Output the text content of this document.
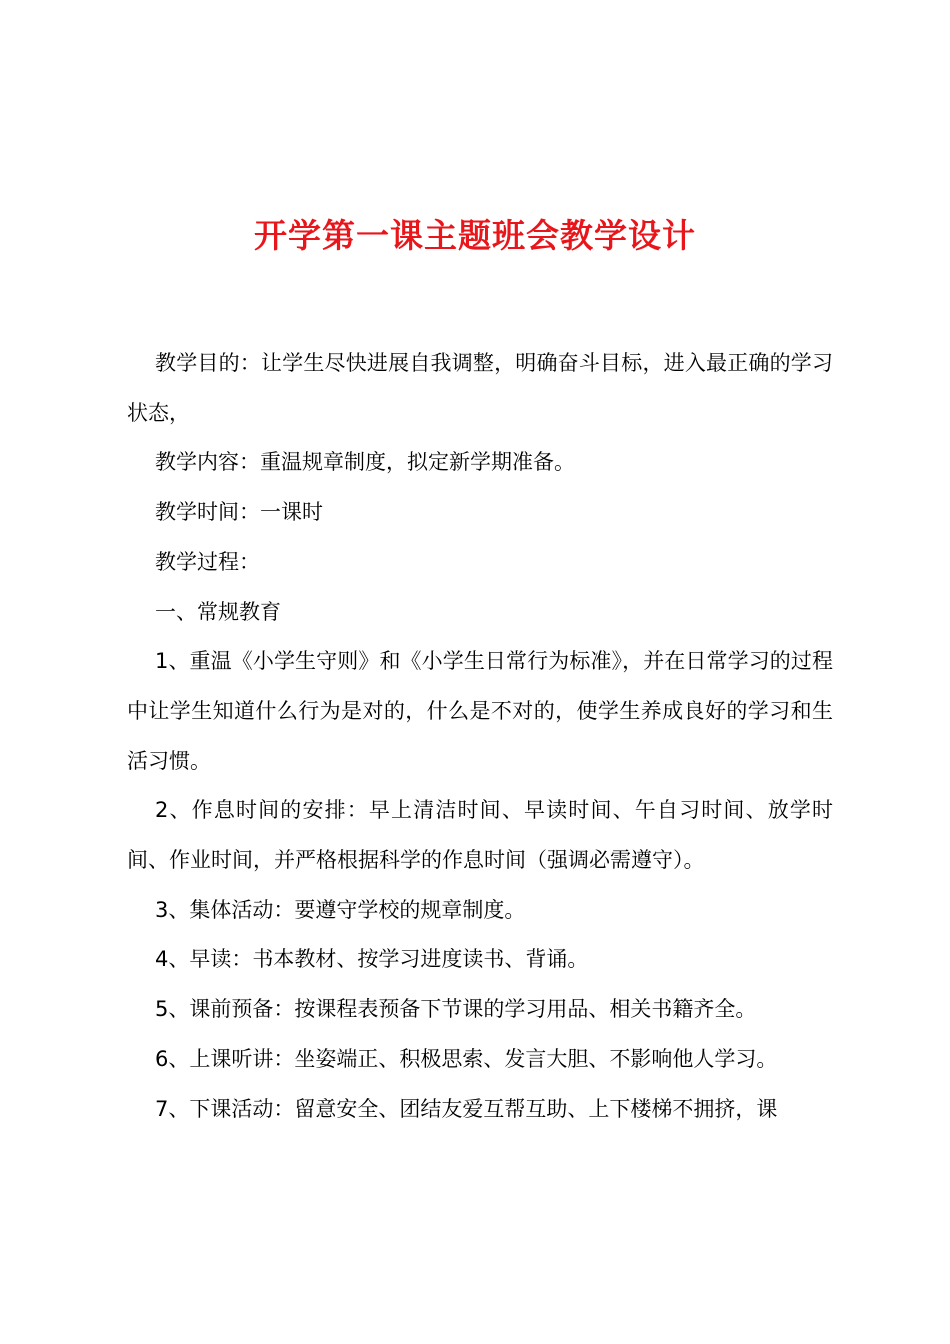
开学第一课主题班会教学设计

教学目的：让学生尽快进展自我调整，明确奋斗目标，进入最正确的学习状态，

教学内容：重温规章制度，拟定新学期准备。

教学时间：一课时

教学过程：

一、常规教育

1、重温《小学生守则》和《小学生日常行为标准》，并在日常学习的过程中让学生知道什么行为是对的，什么是不对的，使学生养成良好的学习和生活习惯。

2、作息时间的安排：早上清洁时间、早读时间、午自习时间、放学时间、作业时间，并严格根据科学的作息时间（强调必需遵守）。

3、集体活动：要遵守学校的规章制度。

4、早读：书本教材、按学习进度读书、背诵。

5、课前预备：按课程表预备下节课的学习用品、相关书籍齐全。

6、上课听讲：坐姿端正、积极思索、发言大胆、不影响他人学习。

7、下课活动：留意安全、团结友爱互帮互助、上下楼梯不拥挤，课
